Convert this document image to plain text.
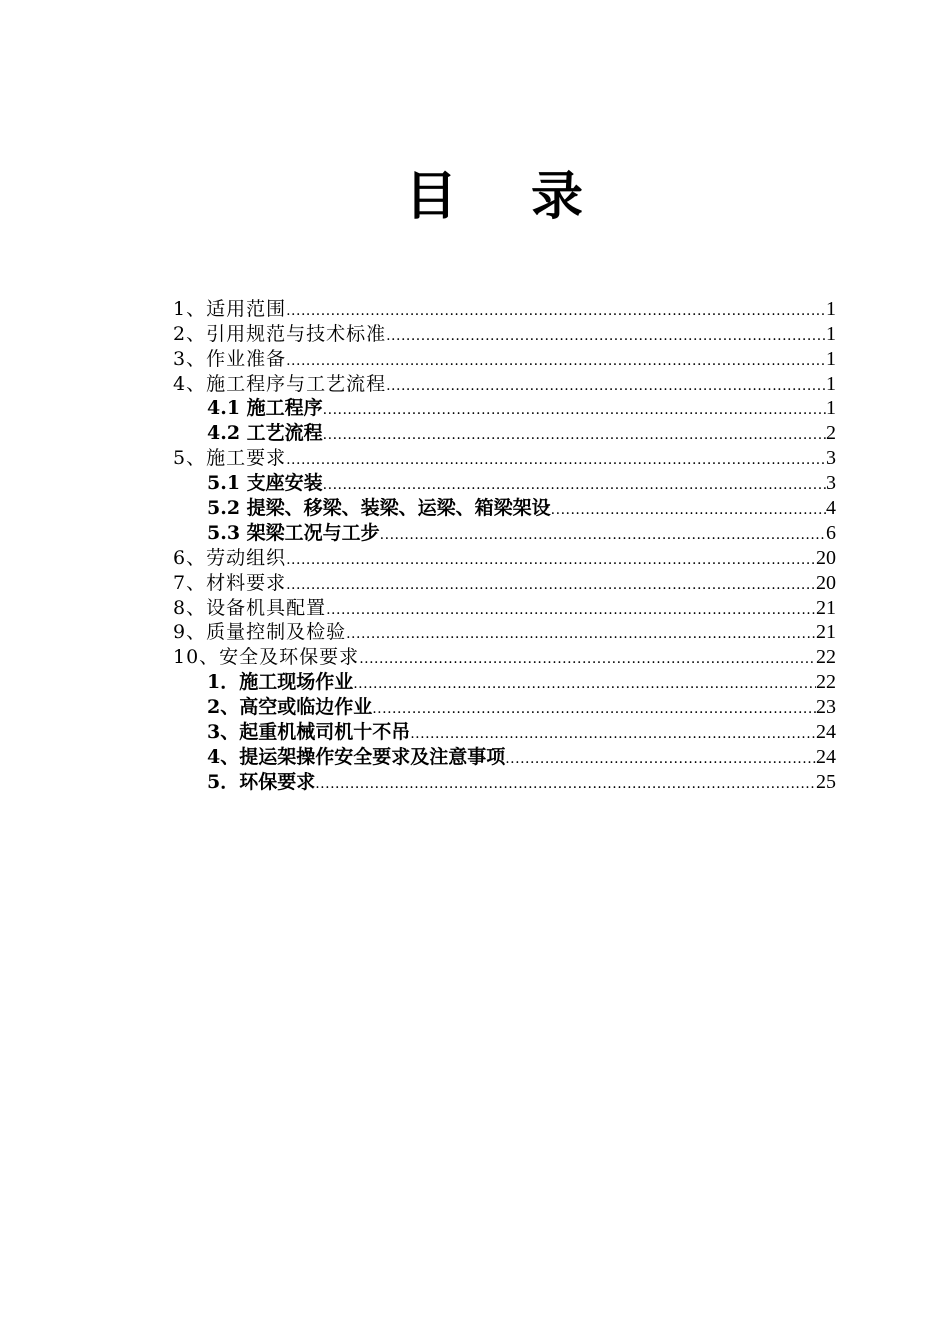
目 录
1、适用范围 .....	1
2、引用规范与技术标准 .....	1
3、作业准备 .....	1
4、施工程序与工艺流程 .....	1
4.1 施工程序 .....	1
4.2 工艺流程 .....	2
5、施工要求 .....	3
5.1 支座安装 .....	3
5.2 提梁、移梁、装梁、运梁、箱梁架设 .....	4
5.3 架梁工况与工步 .....	6
6、劳动组织 .....	20
7、材料要求 .....	20
8、设备机具配置 .....	21
9、质量控制及检验 .....	21
10、安全及环保要求 .....	22
1．施工现场作业 .....	22
2、高空或临边作业 .....	23
3、起重机械司机十不吊 .....	24
4、提运架操作安全要求及注意事项 .....	24
5．环保要求 .....	25
